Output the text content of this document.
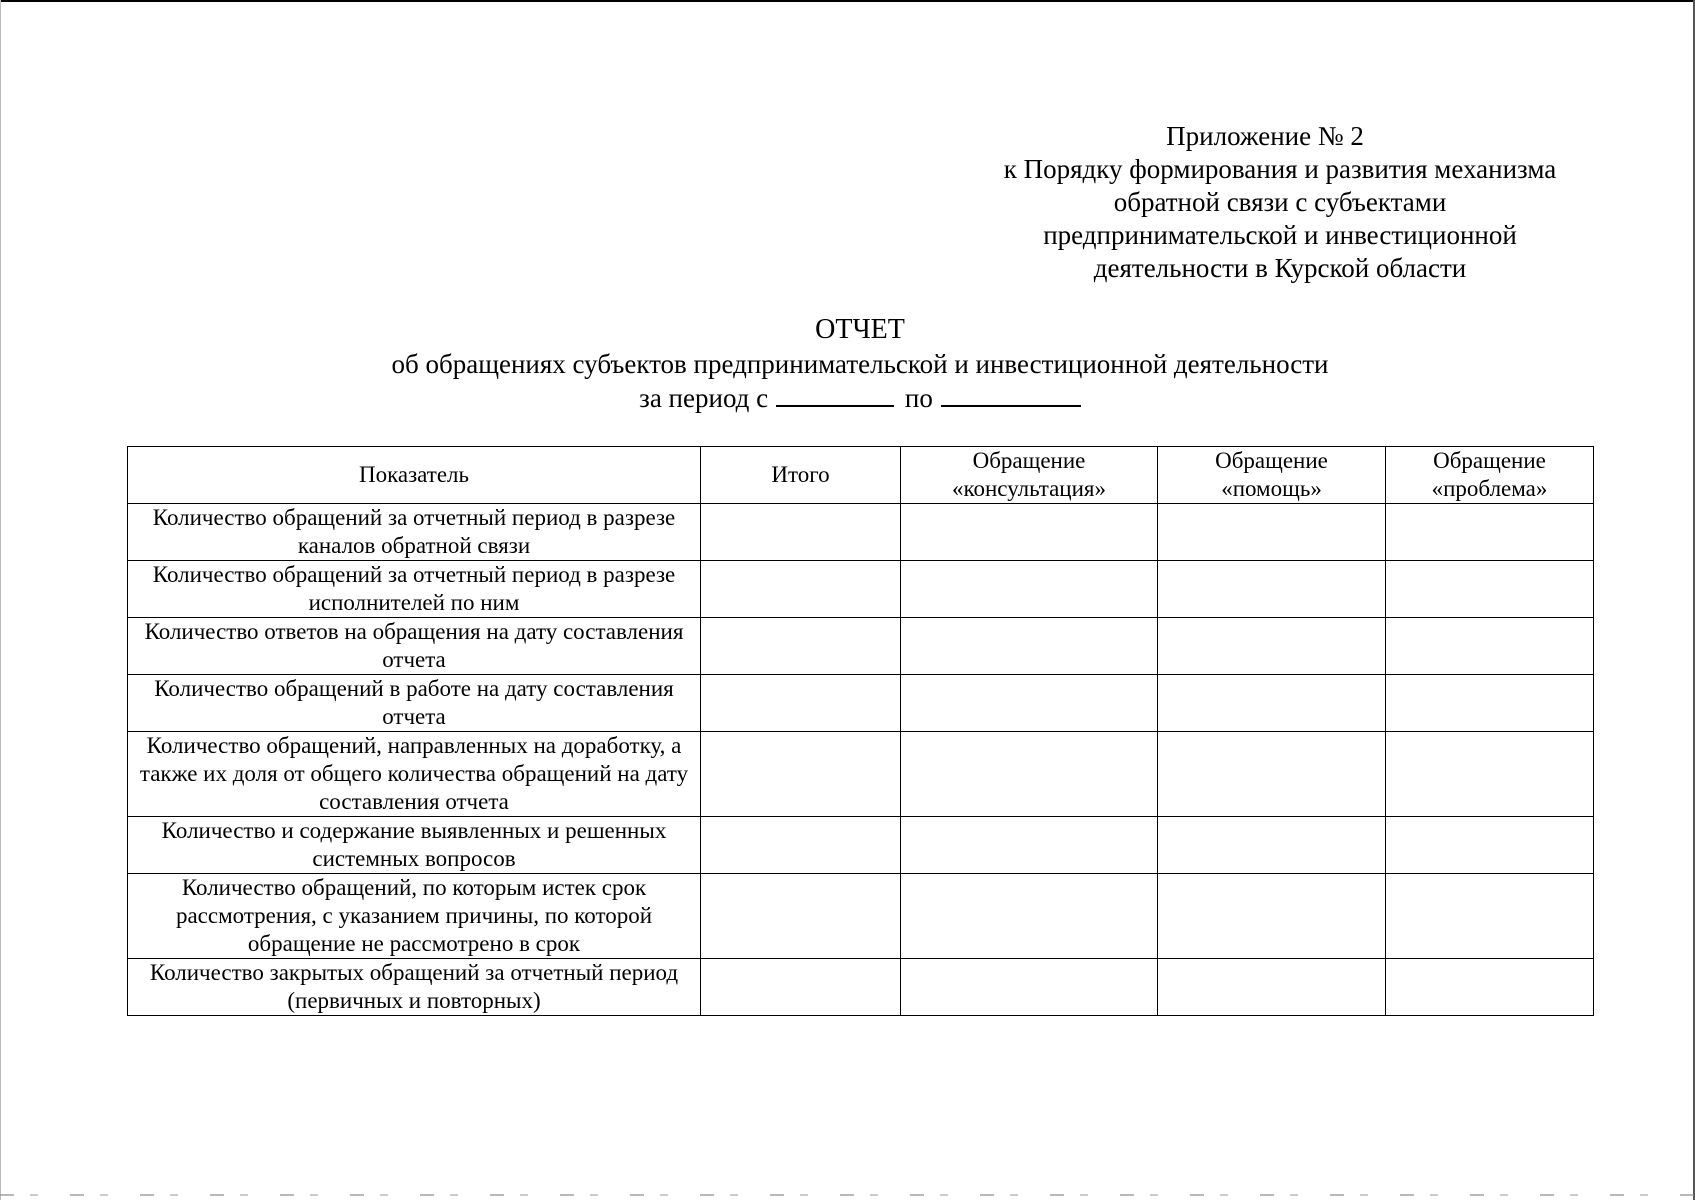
Приложение № 2
к Порядку формирования и развития механизма
обратной связи с субъектами
предпринимательской и инвестиционной
деятельности в Курской области
ОТЧЕТ
об обращениях субъектов предпринимательской и инвестиционной деятельности
за период с	по
Показатель	Итого	Обращение «консультация»	Обращение «помощь»	Обращение «проблема»
Количество обращений за отчетный период в разрезе каналов обратной связи				
Количество обращений за отчетный период в разрезе исполнителей по ним				
Количество ответов на обращения на дату составления отчета				
Количество обращений в работе на дату составления отчета				
Количество обращений, направленных на доработку, а также их доля от общего количества обращений на дату составления отчета				
Количество и содержание выявленных и решенных системных вопросов				
Количество обращений, по которым истек срок рассмотрения, с указанием причины, по которой обращение не рассмотрено в срок				
Количество закрытых обращений за отчетный период (первичных и повторных)				
